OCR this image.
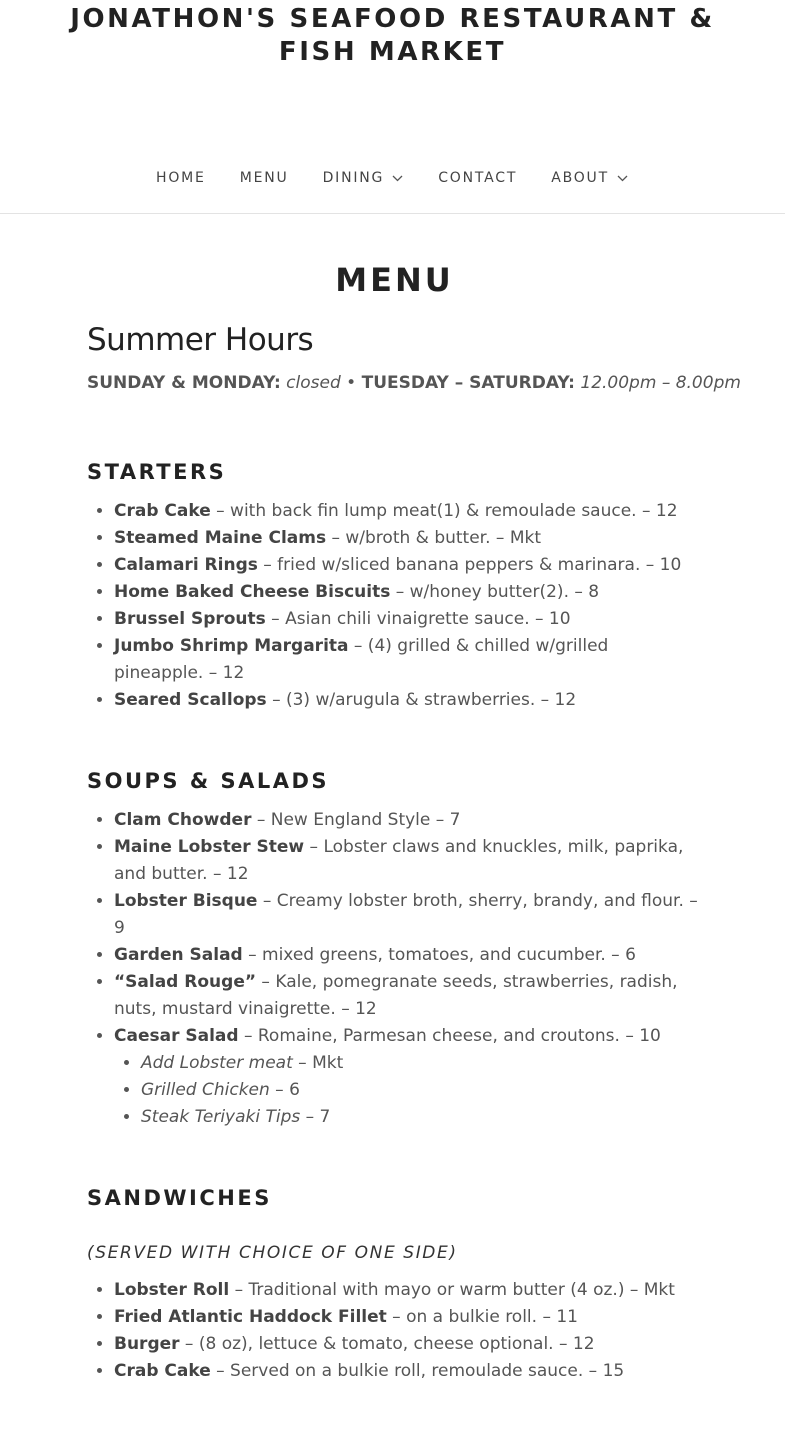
JONATHON'S SEAFOOD RESTAURANT & FISH MARKET
HOME MENU DINING	CONTACT ABOUT
MENU
Summer Hours

SUNDAY & MONDAY: closed • TUESDAY – SATURDAY: 12.00pm – 8.00pm

STARTERS
• Crab Cake – with back fin lump meat(1) & remoulade sauce. – 12
• Steamed Maine Clams – w/broth & butter. – Mkt
• Calamari Rings – fried w/sliced banana peppers & marinara. – 10
• Home Baked Cheese Biscuits – w/honey butter(2). – 8
• Brussel Sprouts – Asian chili vinaigrette sauce. – 10
• Jumbo Shrimp Margarita – (4) grilled & chilled w/grilled pineapple. – 12
• Seared Scallops – (3) w/arugula & strawberries. – 12
SOUPS & SALADS
• Clam Chowder – New England Style – 7
• Maine Lobster Stew – Lobster claws and knuckles, milk, paprika, and butter. – 12
• Lobster Bisque – Creamy lobster broth, sherry, brandy, and flour. – 9
• Garden Salad – mixed greens, tomatoes, and cucumber. – 6
• “Salad Rouge” – Kale, pomegranate seeds, strawberries, radish, nuts, mustard vinaigrette. – 12
• Caesar Salad – Romaine, Parmesan cheese, and croutons. – 10
• Add Lobster meat – Mkt
• Grilled Chicken – 6
• Steak Teriyaki Tips – 7
SANDWICHES

(SERVED WITH CHOICE OF ONE SIDE)

• Lobster Roll – Traditional with mayo or warm butter (4 oz.) – Mkt
• Fried Atlantic Haddock Fillet – on a bulkie roll. – 11
• Burger – (8 oz), lettuce & tomato, cheese optional. – 12
• Crab Cake – Served on a bulkie roll, remoulade sauce. – 15
